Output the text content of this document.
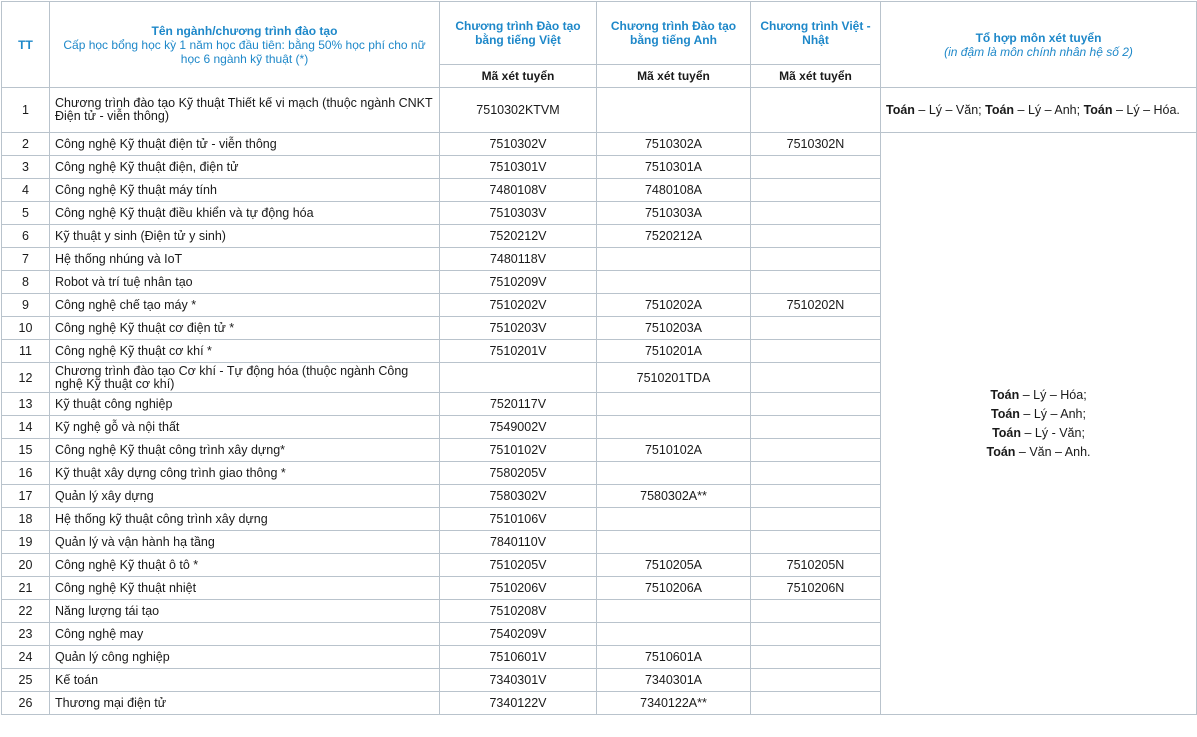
TT	Tên ngành/chương trình đào tạo
Cấp học bổng học kỳ 1 năm học đầu tiên: bằng 50% học phí cho nữ học 6 ngành kỹ thuật (*)	Chương trình Đào tạo bằng tiếng Việt	Chương trình Đào tạo bằng tiếng Anh	Chương trình Việt - Nhật	Tổ hợp môn xét tuyển
(in đậm là môn chính nhân hệ số 2)

		Mã xét tuyển	Mã xét tuyển	Mã xét tuyển	
1	Chương trình đào tạo Kỹ thuật Thiết kế vi mạch (thuộc ngành CNKT Điện tử - viễn thông)	7510302KTVM			Toán – Lý – Văn; Toán – Lý – Anh; Toán – Lý – Hóa.
2	Công nghệ Kỹ thuật điện tử - viễn thông	7510302V	7510302A	7510302N	Toán – Lý – Hóa;
Toán – Lý – Anh;
Toán – Lý - Văn;
Toán – Văn – Anh.

3	Công nghệ Kỹ thuật điện, điện tử	7510301V	7510301A		
4	Công nghệ Kỹ thuật máy tính	7480108V	7480108A		
5	Công nghệ Kỹ thuật điều khiển và tự động hóa	7510303V	7510303A		
6	Kỹ thuật y sinh (Điện tử y sinh)	7520212V	7520212A		
7	Hệ thống nhúng và IoT	7480118V			
8	Robot và trí tuệ nhân tạo	7510209V			
9	Công nghệ chế tạo máy *	7510202V	7510202A	7510202N	
10	Công nghệ Kỹ thuật cơ điện tử *	7510203V	7510203A		
11	Công nghệ Kỹ thuật cơ khí *	7510201V	7510201A		
12	Chương trình đào tạo Cơ khí - Tự động hóa (thuộc ngành Công nghệ Kỹ thuật cơ khí)		7510201TDA		
13	Kỹ thuật công nghiệp	7520117V			
14	Kỹ nghệ gỗ và nội thất	7549002V			
15	Công nghệ Kỹ thuật công trình xây dựng*	7510102V	7510102A		
16	Kỹ thuật xây dựng công trình giao thông *	7580205V			
17	Quản lý xây dựng	7580302V	7580302A**		
18	Hệ thống kỹ thuật công trình xây dựng	7510106V			
19	Quản lý và vận hành hạ tầng	7840110V			
20	Công nghệ Kỹ thuật ô tô *	7510205V	7510205A	7510205N	
21	Công nghệ Kỹ thuật nhiệt	7510206V	7510206A	7510206N	
22	Năng lượng tái tạo	7510208V			
23	Công nghệ may	7540209V			
24	Quản lý công nghiệp	7510601V	7510601A		
25	Kế toán	7340301V	7340301A		
26	Thương mại điện tử	7340122V	7340122A**		
